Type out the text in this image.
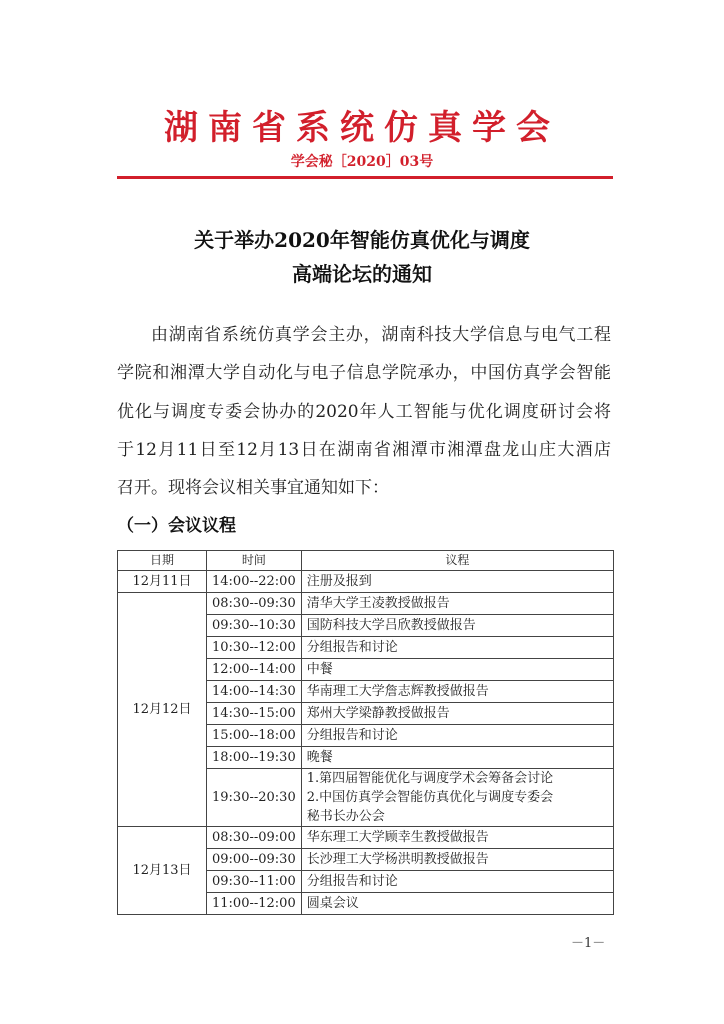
湖南省系统仿真学会
学会秘［2020］03号
关于举办2020年智能仿真优化与调度
高端论坛的通知
由湖南省系统仿真学会主办，湖南科技大学信息与电气工程
学院和湘潭大学自动化与电子信息学院承办，中国仿真学会智能
优化与调度专委会协办的2020年人工智能与优化调度研讨会将
于12月11日至12月13日在湖南省湘潭市湘潭盘龙山庄大酒店
召开。现将会议相关事宜通知如下：
（一）会议议程
日期	时间	议程
12月11日	14:00--22:00	注册及报到
12月12日	08:30--09:30	清华大学王凌教授做报告
	09:30--10:30	国防科技大学吕欣教授做报告
	10:30--12:00	分组报告和讨论
	12:00--14:00	中餐
	14:00--14:30	华南理工大学詹志辉教授做报告
	14:30--15:00	郑州大学梁静教授做报告
	15:00--18:00	分组报告和讨论
	18:00--19:30	晚餐
	19:30--20:30	1.第四届智能优化与调度学术会筹备会讨论
2.中国仿真学会智能仿真优化与调度专委会
秘书长办公会

12月13日	08:30--09:00	华东理工大学顾幸生教授做报告
	09:00--09:30	长沙理工大学杨洪明教授做报告
	09:30--11:00	分组报告和讨论
	11:00--12:00	圆桌会议
－1－
